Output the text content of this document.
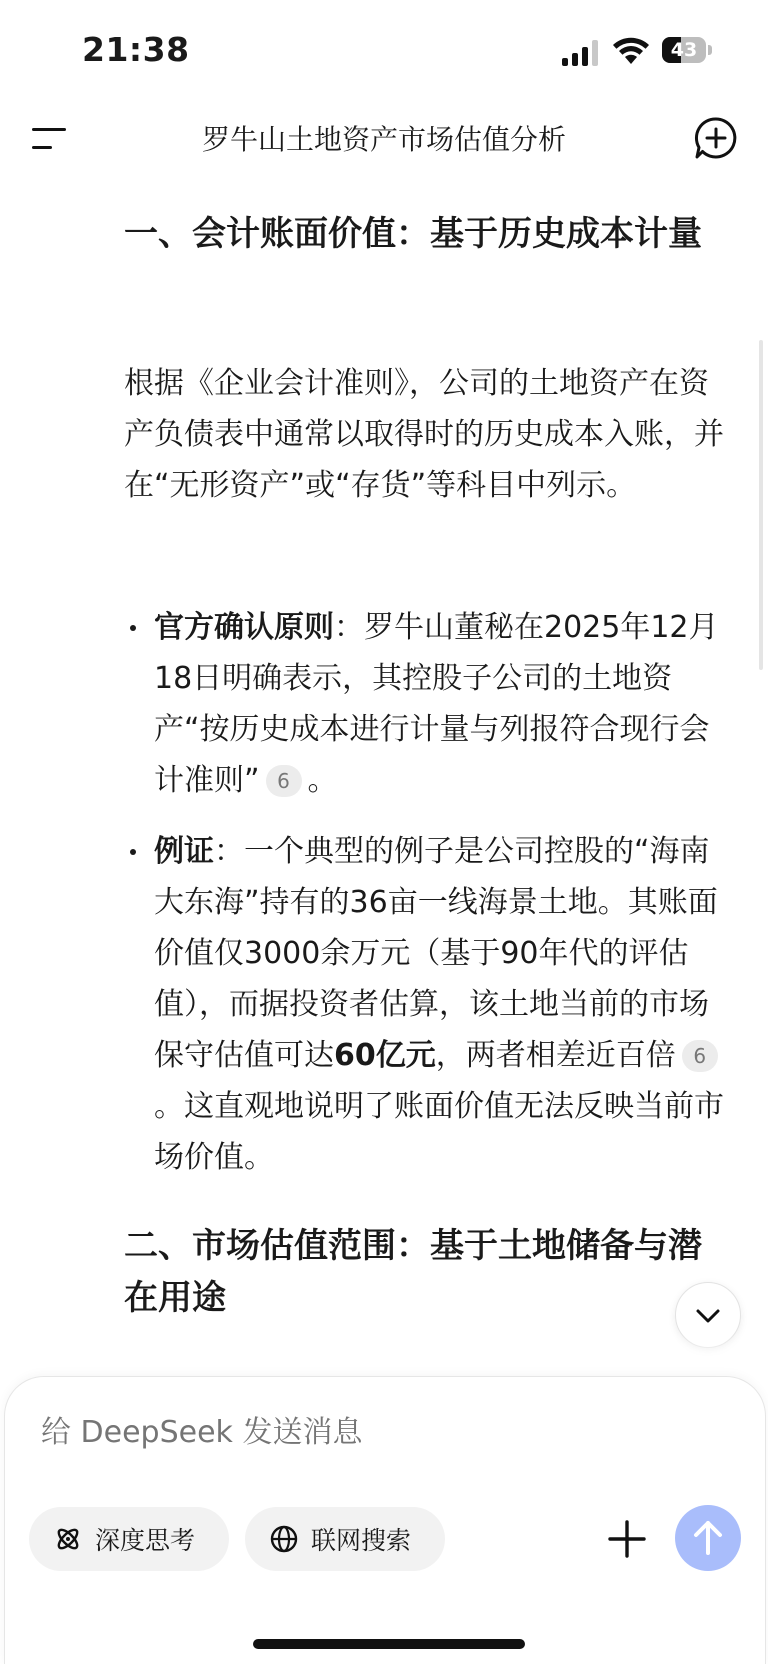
21:38	43
罗牛山土地资产市场估值分析
一、会计账面价值：基于历史成本计量

根据《企业会计准则》，公司的土地资产在资产负债表中通常以取得时的历史成本入账，并在“无形资产”或“存货”等科目中列示。

官方确认原则：罗牛山董秘在2025年12月18日明确表示，其控股子公司的土地资产“按历史成本进行计量与列报符合现行会计准则” 6 。
例证：一个典型的例子是公司控股的“海南大东海”持有的36亩一线海景土地。其账面价值仅3000余万元（基于90年代的评估值），而据投资者估算，该土地当前的市场保守估值可达60亿元，两者相差近百倍 6。这直观地说明了账面价值无法反映当前市场价值。
二、市场估值范围：基于土地储备与潜在用途
给 DeepSeek 发送消息
深度思考	联网搜索
